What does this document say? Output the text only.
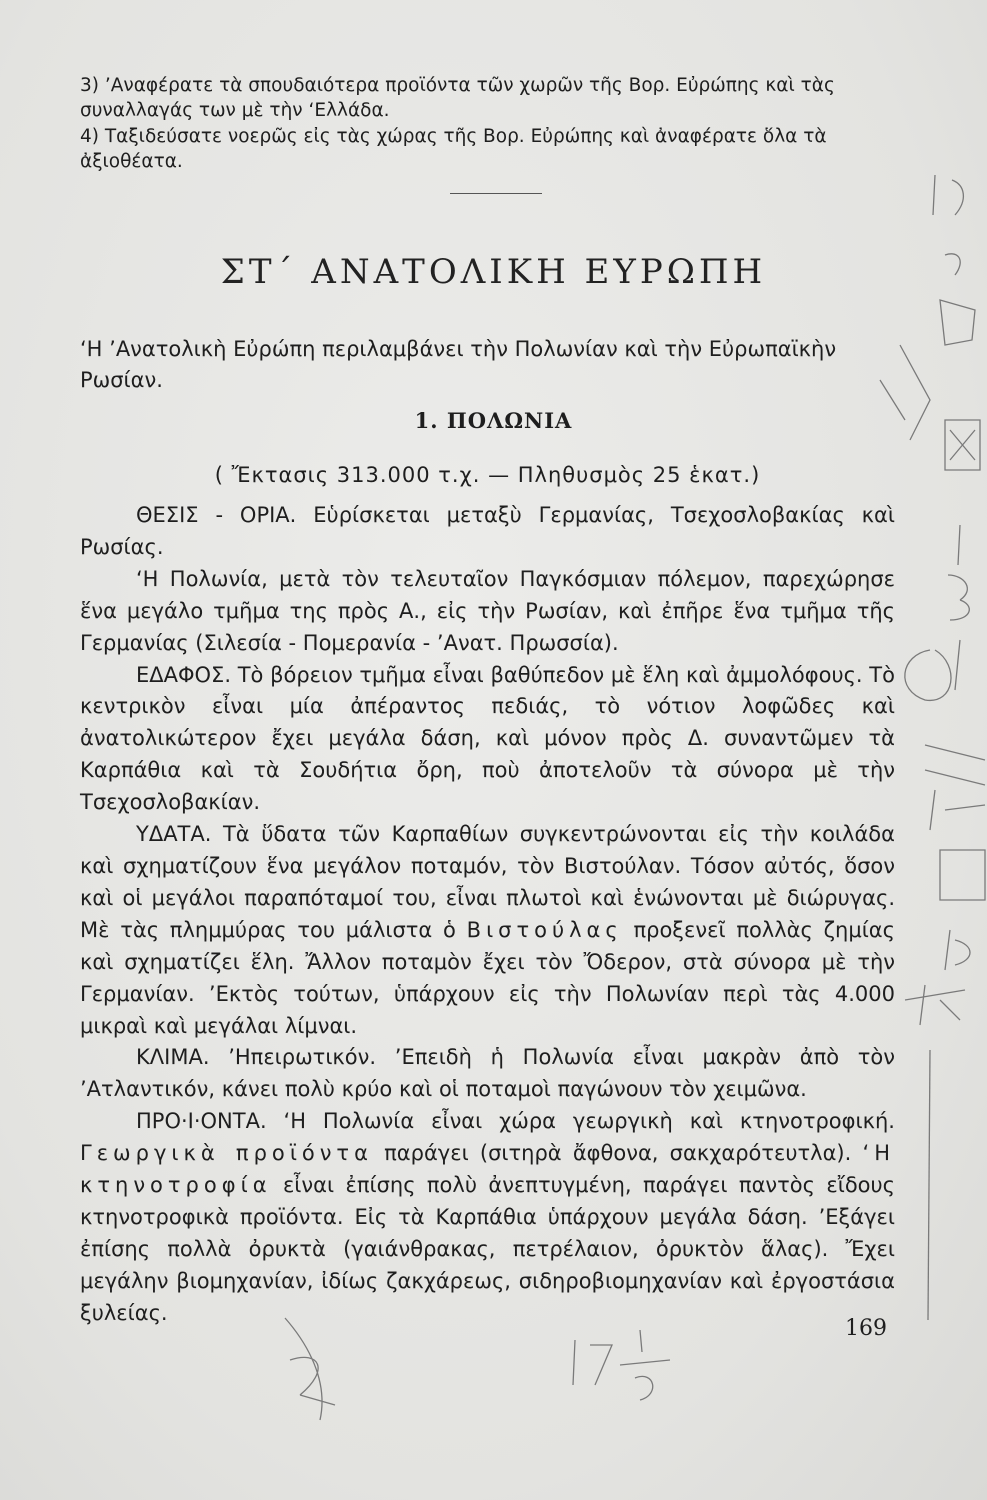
3) ’Αναφέρατε τὰ σπουδαιότερα προϊόντα τῶν χωρῶν τῆς Βορ. Εὐρώπης καὶ τὰς συναλλαγάς των μὲ τὴν ‘Ελλάδα.
4) Ταξιδεύσατε νοερῶς εἰς τὰς χώρας τῆς Βορ. Εὐρώπης καὶ ἀναφέρατε ὅλα τὰ ἀξιοθέατα.
ΣΤ΄ ΑΝΑΤΟΛΙΚΗ ΕΥΡΩΠΗ
‘Η ’Ανατολικὴ Εὐρώπη περιλαμβάνει τὴν Πολωνίαν καὶ τὴν Εὐρωπαϊκὴν Ρωσίαν.
1. ΠΟΛΩΝΙΑ
( Ἔκτασις 313.000 τ.χ. — Πληθυσμὸς 25 ἑκατ.)

ΘΕΣΙΣ - ΟΡΙΑ. Εὑρίσκεται μεταξὺ Γερμανίας, Τσεχοσλοβακίας καὶ Ρωσίας.

‘Η Πολωνία, μετὰ τὸν τελευταῖον Παγκόσμιαν πόλεμον, παρεχώρησε ἕνα μεγάλο τμῆμα της πρὸς Α., εἰς τὴν Ρωσίαν, καὶ ἐπῆρε ἕνα τμῆμα τῆς Γερμανίας (Σιλεσία - Πομερανία - ’Ανατ. Πρωσσία).

ΕΔΑΦΟΣ. Τὸ βόρειον τμῆμα εἶναι βαθύπεδον μὲ ἕλη καὶ ἀμμολόφους. Τὸ κεντρικὸν εἶναι μία ἀπέραντος πεδιάς, τὸ νότιον λοφῶδες καὶ ἀνατολικώτερον ἔχει μεγάλα δάση, καὶ μόνον πρὸς Δ. συναντῶμεν τὰ Καρπάθια καὶ τὰ Σουδήτια ὄρη, ποὺ ἀποτελοῦν τὰ σύνορα μὲ τὴν Τσεχοσλοβακίαν.

ΥΔΑΤΑ. Τὰ ὕδατα τῶν Καρπαθίων συγκεντρώνονται εἰς τὴν κοιλάδα καὶ σχηματίζουν ἕνα μεγάλον ποταμόν, τὸν Βιστούλαν. Τόσον αὐτός, ὅσον καὶ οἱ μεγάλοι παραπόταμοί του, εἶναι πλωτοὶ καὶ ἑνώνονται μὲ διώρυγας. Μὲ τὰς πλημμύρας του μάλιστα ὁ Βιστούλας προξενεῖ πολλὰς ζημίας καὶ σχηματίζει ἕλη. Ἄλλον ποταμὸν ἔχει τὸν Ὄδερον, στὰ σύνορα μὲ τὴν Γερμανίαν. ’Εκτὸς τούτων, ὑπάρχουν εἰς τὴν Πολωνίαν περὶ τὰς 4.000 μικραὶ καὶ μεγάλαι λίμναι.

ΚΛΙΜΑ. ’Ηπειρωτικόν. ’Επειδὴ ἡ Πολωνία εἶναι μακρὰν ἀπὸ τὸν ’Ατλαντικόν, κάνει πολὺ κρύο καὶ οἱ ποταμοὶ παγώνουν τὸν χειμῶνα.

ΠΡΟ·Ι·ΟΝΤΑ. ‘Η Πολωνία εἶναι χώρα γεωργικὴ καὶ κτηνοτροφική. Γεωργικὰ προϊόντα παράγει (σιτηρὰ ἄφθονα, σακχαρότευτλα). ‘Η κτηνοτροφία εἶναι ἐπίσης πολὺ ἀνεπτυγμένη, παράγει παντὸς εἴδους κτηνοτροφικὰ προϊόντα. Εἰς τὰ Καρπάθια ὑπάρχουν μεγάλα δάση. ’Εξάγει ἐπίσης πολλὰ ὀρυκτὰ (γαιάνθρακας, πετρέλαιον, ὀρυκτὸν ἅλας). Ἔχει μεγάλην βιομηχανίαν, ἰδίως ζακχάρεως, σιδηροβιομηχανίαν καὶ ἐργοστάσια ξυλείας.

169
